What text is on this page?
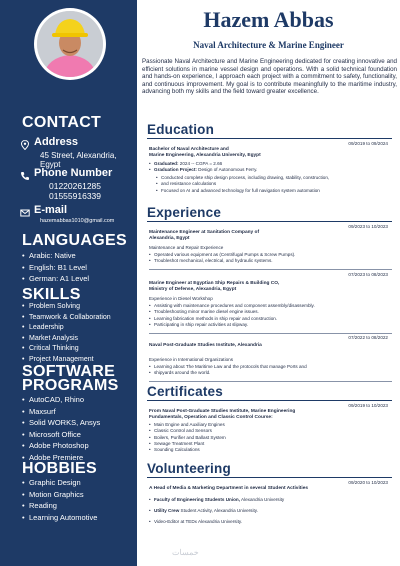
CONTACT
Address
45 Street, Alexandria, Egypt
Phone Number
01220261285
01555916339
E-mail
hazemabbas1010@gmail.com
LANGUAGES
• Arabic: Native
• English: B1 Level
• German: A1 Level
SKILLS
• Problem Solving
• Teamwork & Collaboration
• Leadership
• Market Analysis
• Critical Thinking
• Project Management
SOFTWARE
PROGRAMS
• AutoCAD, Rhino
• Maxsurf
• Solid WORKS, Ansys
• Microsoft Office
• Adobe Photoshop
• Adobe Premiere
HOBBIES
• Graphic Design
• Motion Graphics
• Reading
• Learning Automotive
Hazem Abbas
Naval Architecture & Marine Engineer
Passionate Naval Architecture and Marine Engineering dedicated for creating innovative and efficient solutions in marine vessel design and operations. With a solid technical foundation and hands-on experience, I approach each project with a commitment to safety, functionality, and continuous improvement. My goal is to contribute meaningfully to the maritime industry, advancing both my skills and the field toward greater excellence.
Education
09/2019 to 09/2024
Bachelor of Naval Architecture and
Marine Engineering, Alexandria University, Egypt
• Graduated: 2024 -- CGPA = 2.66
• Graduation Project: Design of Autonomous Ferry.
• Conducted complete ship design process, including drawing, stability, construction,
• and resistance calculations
• Focused on AI and advanced technology for full navigation system automation
Experience
09/2023 to 10/2023
Maintenance Engineer at Sanitation Company of
Alexandria, Egypt
Maintenance and Repair Experience
• Operated various equipment as (Centrifugal Pumps & Screw Pumps).
• Troubleshot mechanical, electrical, and hydraulic systems.
07/2023 to 08/2023
Marine Engineer at Egyptian Ship Repairs & Building CO,
Ministry of Defense, Alexandria, Egypt
Experience in Diesel Workshop
• Assisting with maintenance procedures and component assembly/disassembly.
• Troubleshooting minor marine diesel engine issues.
• Learning fabrication methods in ship repair and construction.
• Participating in ship repair activities at slipway.
07/2022 to 08/2022
Naval Post-Graduate Studies Institute, Alexandria
Experience in International Organizations
• Learning about The Maritime Law and the protocols that manage Ports and
• shipyards around the world.
Certificates
09/2019 to 10/2023
From Naval Post-Graduate Studies Institute, Marine Engineering
Fundamentals, Operation and Classic Control Course:
• Main Engine and Auxiliary Engines
• Classic Control and Sensors
• Boilers, Purifier and Ballast System
• Sewage Treatment Plant
• Sounding Calculations
Volunteering
09/2020 to 10/2023
A Head of Media & Marketing Department in several Student Activities
• Faculty of Engineering Students Union, Alexandria University
• Utility Crew Student Activity, Alexandria University.
• Video-Editor at TEDx Alexandria University.
خمسات
